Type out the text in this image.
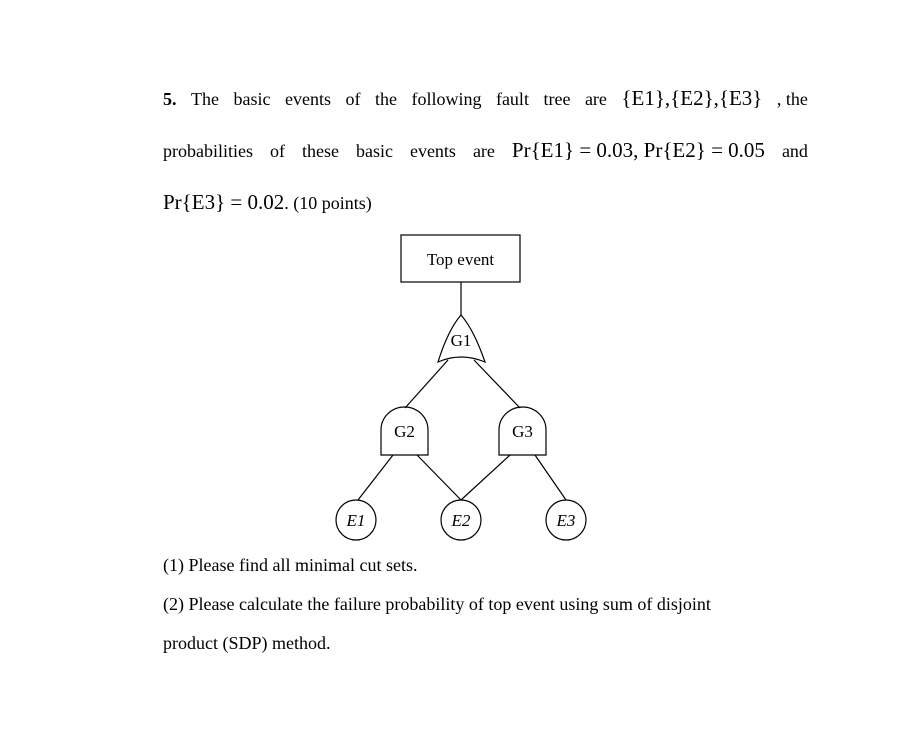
5. The basic events of the following fault tree are {E1},{E2},{E3} , the
probabilities of these basic events are Pr{E1} = 0.03, Pr{E2} = 0.05 and
Pr{E3} = 0.02. (10 points)
Top event
G1
G2	G3
E1	E2	E3
(1) Please find all minimal cut sets.
(2) Please calculate the failure probability of top event using sum of disjoint
product (SDP) method.
